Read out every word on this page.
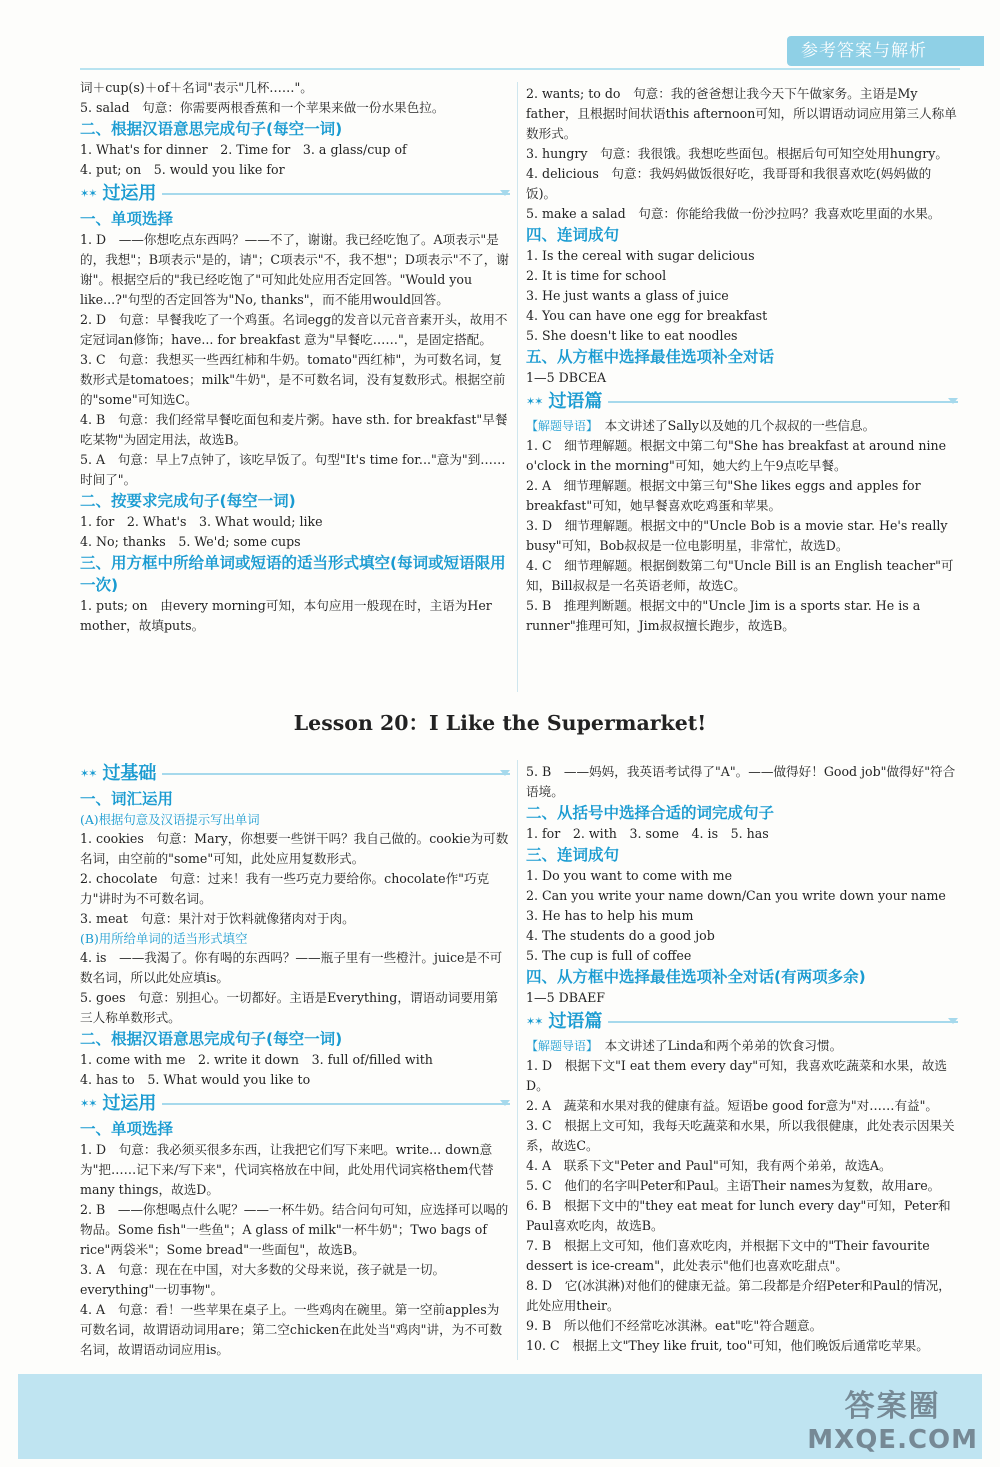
参考答案与解析

词＋cup(s)＋of＋名词"表示"几杯……"。

5. salad　句意：你需要两根香蕉和一个苹果来做一份水果色拉。

二、根据汉语意思完成句子(每空一词)

1. What's for dinner　2. Time for　3. a glass/cup of

4. put; on　5. would you like for

✶✶ 过运用

一、单项选择

1. D　——你想吃点东西吗？——不了，谢谢。我已经吃饱了。A项表示"是的，我想"；B项表示"是的，请"；C项表示"不，我不想"；D项表示"不了，谢谢"。根据空后的"我已经吃饱了"可知此处应用否定回答。"Would you like...?"句型的否定回答为"No, thanks"，而不能用would回答。

2. D　句意：早餐我吃了一个鸡蛋。名词egg的发音以元音音素开头，故用不定冠词an修饰；have... for breakfast 意为"早餐吃……"，是固定搭配。

3. C　句意：我想买一些西红柿和牛奶。tomato"西红柿"，为可数名词，复数形式是tomatoes；milk"牛奶"，是不可数名词，没有复数形式。根据空前的"some"可知选C。

4. B　句意：我们经常早餐吃面包和麦片粥。have sth. for breakfast"早餐吃某物"为固定用法，故选B。

5. A　句意：早上7点钟了，该吃早饭了。句型"It's time for..."意为"到……时间了"。

二、按要求完成句子(每空一词)

1. for　2. What's　3. What would; like

4. No; thanks　5. We'd; some cups

三、用方框中所给单词或短语的适当形式填空(每词或短语限用一次)

1. puts; on　由every morning可知，本句应用一般现在时，主语为Her mother，故填puts。

2. wants; to do　句意：我的爸爸想让我今天下午做家务。主语是My father，且根据时间状语this afternoon可知，所以谓语动词应用第三人称单数形式。

3. hungry　句意：我很饿。我想吃些面包。根据后句可知空处用hungry。

4. delicious　句意：我妈妈做饭很好吃，我哥哥和我很喜欢吃(妈妈做的饭)。

5. make a salad　句意：你能给我做一份沙拉吗？我喜欢吃里面的水果。

四、连词成句

1. Is the cereal with sugar delicious

2. It is time for school

3. He just wants a glass of juice

4. You can have one egg for breakfast

5. She doesn't like to eat noodles

五、从方框中选择最佳选项补全对话

1—5 DBCEA

✶✶ 过语篇

【解题导语】　 本文讲述了Sally以及她的几个叔叔的一些信息。

1. C　细节理解题。根据文中第二句"She has breakfast at around nine o'clock in the morning"可知，她大约上午9点吃早餐。

2. A　细节理解题。根据文中第三句"She likes eggs and apples for breakfast"可知，她早餐喜欢吃鸡蛋和苹果。

3. D　细节理解题。根据文中的"Uncle Bob is a movie star. He's really busy"可知，Bob叔叔是一位电影明星，非常忙，故选D。

4. C　细节理解题。根据倒数第二句"Uncle Bill is an English teacher"可知，Bill叔叔是一名英语老师，故选C。

5. B　推理判断题。根据文中的"Uncle Jim is a sports star. He is a runner"推理可知，Jim叔叔擅长跑步，故选B。

Lesson 20：I Like the Supermarket!
✶✶ 过基础

一、词汇运用

(A)根据句意及汉语提示写出单词

1. cookies　句意：Mary，你想要一些饼干吗？我自己做的。cookie为可数名词，由空前的"some"可知，此处应用复数形式。

2. chocolate　句意：过来！我有一些巧克力要给你。chocolate作"巧克力"讲时为不可数名词。

3. meat　句意：果汁对于饮料就像猪肉对于肉。

(B)用所给单词的适当形式填空

4. is　——我渴了。你有喝的东西吗？——瓶子里有一些橙汁。juice是不可数名词，所以此处应填is。

5. goes　句意：别担心。一切都好。主语是Everything，谓语动词要用第三人称单数形式。

二、根据汉语意思完成句子(每空一词)

1. come with me　2. write it down　3. full of/filled with

4. has to　5. What would you like to

✶✶ 过运用

一、单项选择

1. D　句意：我必须买很多东西，让我把它们写下来吧。write... down意为"把……记下来/写下来"，代词宾格放在中间，此处用代词宾格them代替many things，故选D。

2. B　——你想喝点什么呢？——一杯牛奶。结合问句可知，应选择可以喝的物品。Some fish"一些鱼"；A glass of milk"一杯牛奶"；Two bags of rice"两袋米"；Some bread"一些面包"，故选B。

3. A　句意：现在在中国，对大多数的父母来说，孩子就是一切。everything"一切事物"。

4. A　句意：看！一些苹果在桌子上。一些鸡肉在碗里。第一空前apples为可数名词，故谓语动词用are；第二空chicken在此处当"鸡肉"讲，为不可数名词，故谓语动词应用is。

5. B　——妈妈，我英语考试得了"A"。——做得好！Good job"做得好"符合语境。

二、从括号中选择合适的词完成句子

1. for　2. with　3. some　4. is　5. has

三、连词成句

1. Do you want to come with me

2. Can you write your name down/Can you write down your name

3. He has to help his mum

4. The students do a good job

5. The cup is full of coffee

四、从方框中选择最佳选项补全对话(有两项多余)

1—5 DBAEF

✶✶ 过语篇

【解题导语】　 本文讲述了Linda和两个弟弟的饮食习惯。

1. D　根据下文"I eat them every day"可知，我喜欢吃蔬菜和水果，故选D。

2. A　蔬菜和水果对我的健康有益。短语be good for意为"对……有益"。

3. C　根据上文可知，我每天吃蔬菜和水果，所以我很健康，此处表示因果关系，故选C。

4. A　联系下文"Peter and Paul"可知，我有两个弟弟，故选A。

5. C　他们的名字叫Peter和Paul。主语Their names为复数，故用are。

6. B　根据下文中的"they eat meat for lunch every day"可知，Peter和Paul喜欢吃肉，故选B。

7. B　根据上文可知，他们喜欢吃肉，并根据下文中的"Their favourite dessert is ice-cream"，此处表示"他们也喜欢吃甜点"。

8. D　它(冰淇淋)对他们的健康无益。第二段都是介绍Peter和Paul的情况，此处应用their。

9. B　所以他们不经常吃冰淇淋。eat"吃"符合题意。

10. C　根据上文"They like fruit, too"可知，他们晚饭后通常吃苹果。

答案圈
MXQE.COM
